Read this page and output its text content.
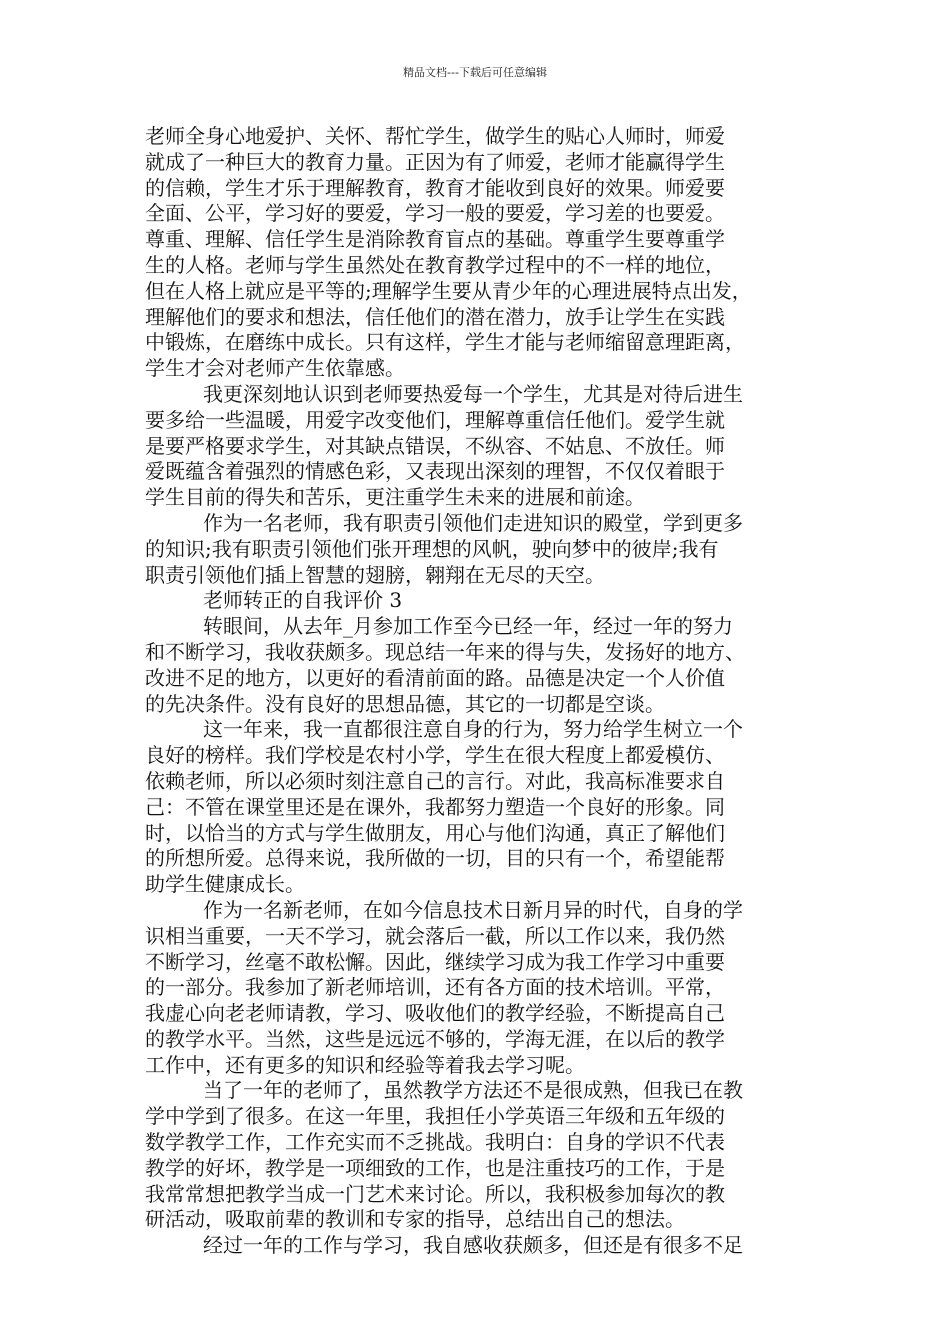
精品文档---下载后可任意编辑
老师全身心地爱护、关怀、帮忙学生，做学生的贴心人师时，师爱
就成了一种巨大的教育力量。正因为有了师爱，老师才能赢得学生
的信赖，学生才乐于理解教育，教育才能收到良好的效果。师爱要
全面、公平，学习好的要爱，学习一般的要爱，学习差的也要爱。
尊重、理解、信任学生是消除教育盲点的基础。尊重学生要尊重学
生的人格。老师与学生虽然处在教育教学过程中的不一样的地位，
但在人格上就应是平等的;理解学生要从青少年的心理进展特点出发，
理解他们的要求和想法，信任他们的潜在潜力，放手让学生在实践
中锻炼，在磨练中成长。只有这样，学生才能与老师缩留意理距离，
学生才会对老师产生依靠感。
我更深刻地认识到老师要热爱每一个学生，尤其是对待后进生
要多给一些温暖，用爱字改变他们，理解尊重信任他们。爱学生就
是要严格要求学生，对其缺点错误，不纵容、不姑息、不放任。师
爱既蕴含着强烈的情感色彩，又表现出深刻的理智，不仅仅着眼于
学生目前的得失和苦乐，更注重学生未来的进展和前途。
作为一名老师，我有职责引领他们走进知识的殿堂，学到更多
的知识;我有职责引领他们张开理想的风帆，驶向梦中的彼岸;我有
职责引领他们插上智慧的翅膀，翱翔在无尽的天空。
老师转正的自我评价 3
转眼间，从去年_月参加工作至今已经一年，经过一年的努力
和不断学习，我收获颇多。现总结一年来的得与失，发扬好的地方、
改进不足的地方，以更好的看清前面的路。品德是决定一个人价值
的先决条件。没有良好的思想品德，其它的一切都是空谈。
这一年来，我一直都很注意自身的行为，努力给学生树立一个
良好的榜样。我们学校是农村小学，学生在很大程度上都爱模仿、
依赖老师，所以必须时刻注意自己的言行。对此，我高标准要求自
己：不管在课堂里还是在课外，我都努力塑造一个良好的形象。同
时，以恰当的方式与学生做朋友，用心与他们沟通，真正了解他们
的所想所爱。总得来说，我所做的一切，目的只有一个，希望能帮
助学生健康成长。
作为一名新老师，在如今信息技术日新月异的时代，自身的学
识相当重要，一天不学习，就会落后一截，所以工作以来，我仍然
不断学习，丝毫不敢松懈。因此，继续学习成为我工作学习中重要
的一部分。我参加了新老师培训，还有各方面的技术培训。平常，
我虚心向老老师请教，学习、吸收他们的教学经验，不断提高自己
的教学水平。当然，这些是远远不够的，学海无涯，在以后的教学
工作中，还有更多的知识和经验等着我去学习呢。
当了一年的老师了，虽然教学方法还不是很成熟，但我已在教
学中学到了很多。在这一年里，我担任小学英语三年级和五年级的
数学教学工作，工作充实而不乏挑战。我明白：自身的学识不代表
教学的好坏，教学是一项细致的工作，也是注重技巧的工作，于是
我常常想把教学当成一门艺术来讨论。所以，我积极参加每次的教
研活动，吸取前辈的教训和专家的指导，总结出自己的想法。
经过一年的工作与学习，我自感收获颇多，但还是有很多不足
